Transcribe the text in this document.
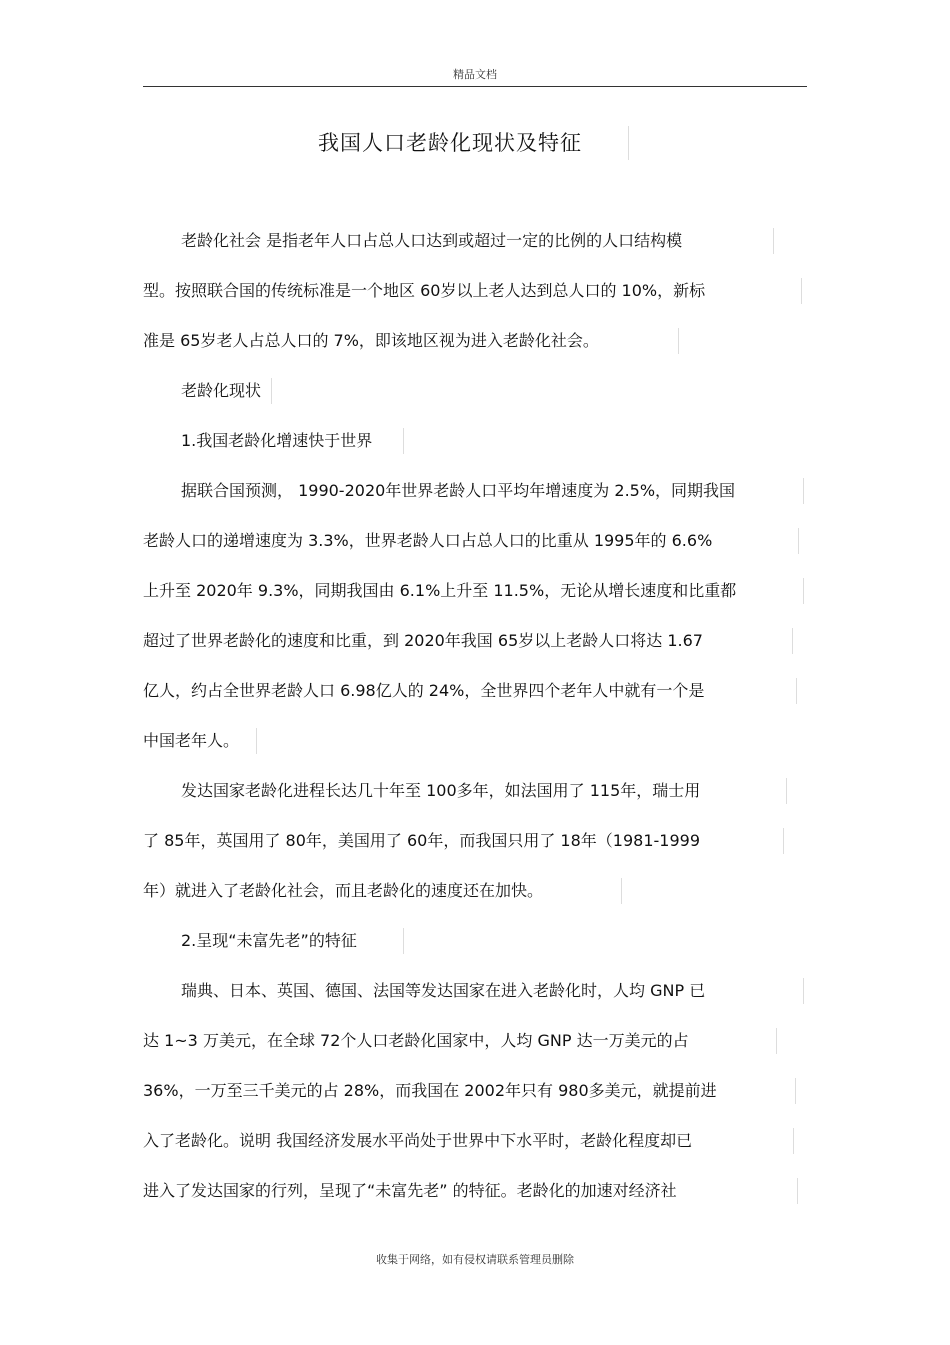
精品文档
我国人口老龄化现状及特征
老龄化社会 是指老年人口占总人口达到或超过一定的比例的人口结构模
型。按照联合国的传统标准是一个地区 60岁以上老人达到总人口的 10%，新标
准是 65岁老人占总人口的 7%，即该地区视为进入老龄化社会。
老龄化现状
1.我国老龄化增速快于世界
据联合国预测， 1990-2020年世界老龄人口平均年增速度为 2.5%，同期我国
老龄人口的递增速度为 3.3%，世界老龄人口占总人口的比重从 1995年的 6.6%
上升至 2020年 9.3%，同期我国由 6.1%上升至 11.5%，无论从增长速度和比重都
超过了世界老龄化的速度和比重，到 2020年我国 65岁以上老龄人口将达 1.67
亿人，约占全世界老龄人口 6.98亿人的 24%，全世界四个老年人中就有一个是
中国老年人。
发达国家老龄化进程长达几十年至 100多年，如法国用了 115年，瑞士用
了 85年，英国用了 80年，美国用了 60年，而我国只用了 18年（1981-1999
年）就进入了老龄化社会，而且老龄化的速度还在加快。
2.呈现“未富先老”的特征
瑞典、日本、英国、德国、法国等发达国家在进入老龄化时，人均 GNP 已
达 1~3 万美元，在全球 72个人口老龄化国家中，人均 GNP 达一万美元的占
36%，一万至三千美元的占 28%，而我国在 2002年只有 980多美元，就提前进
入了老龄化。说明 我国经济发展水平尚处于世界中下水平时，老龄化程度却已
进入了发达国家的行列，呈现了“未富先老” 的特征。老龄化的加速对经济社
收集于网络，如有侵权请联系管理员删除
